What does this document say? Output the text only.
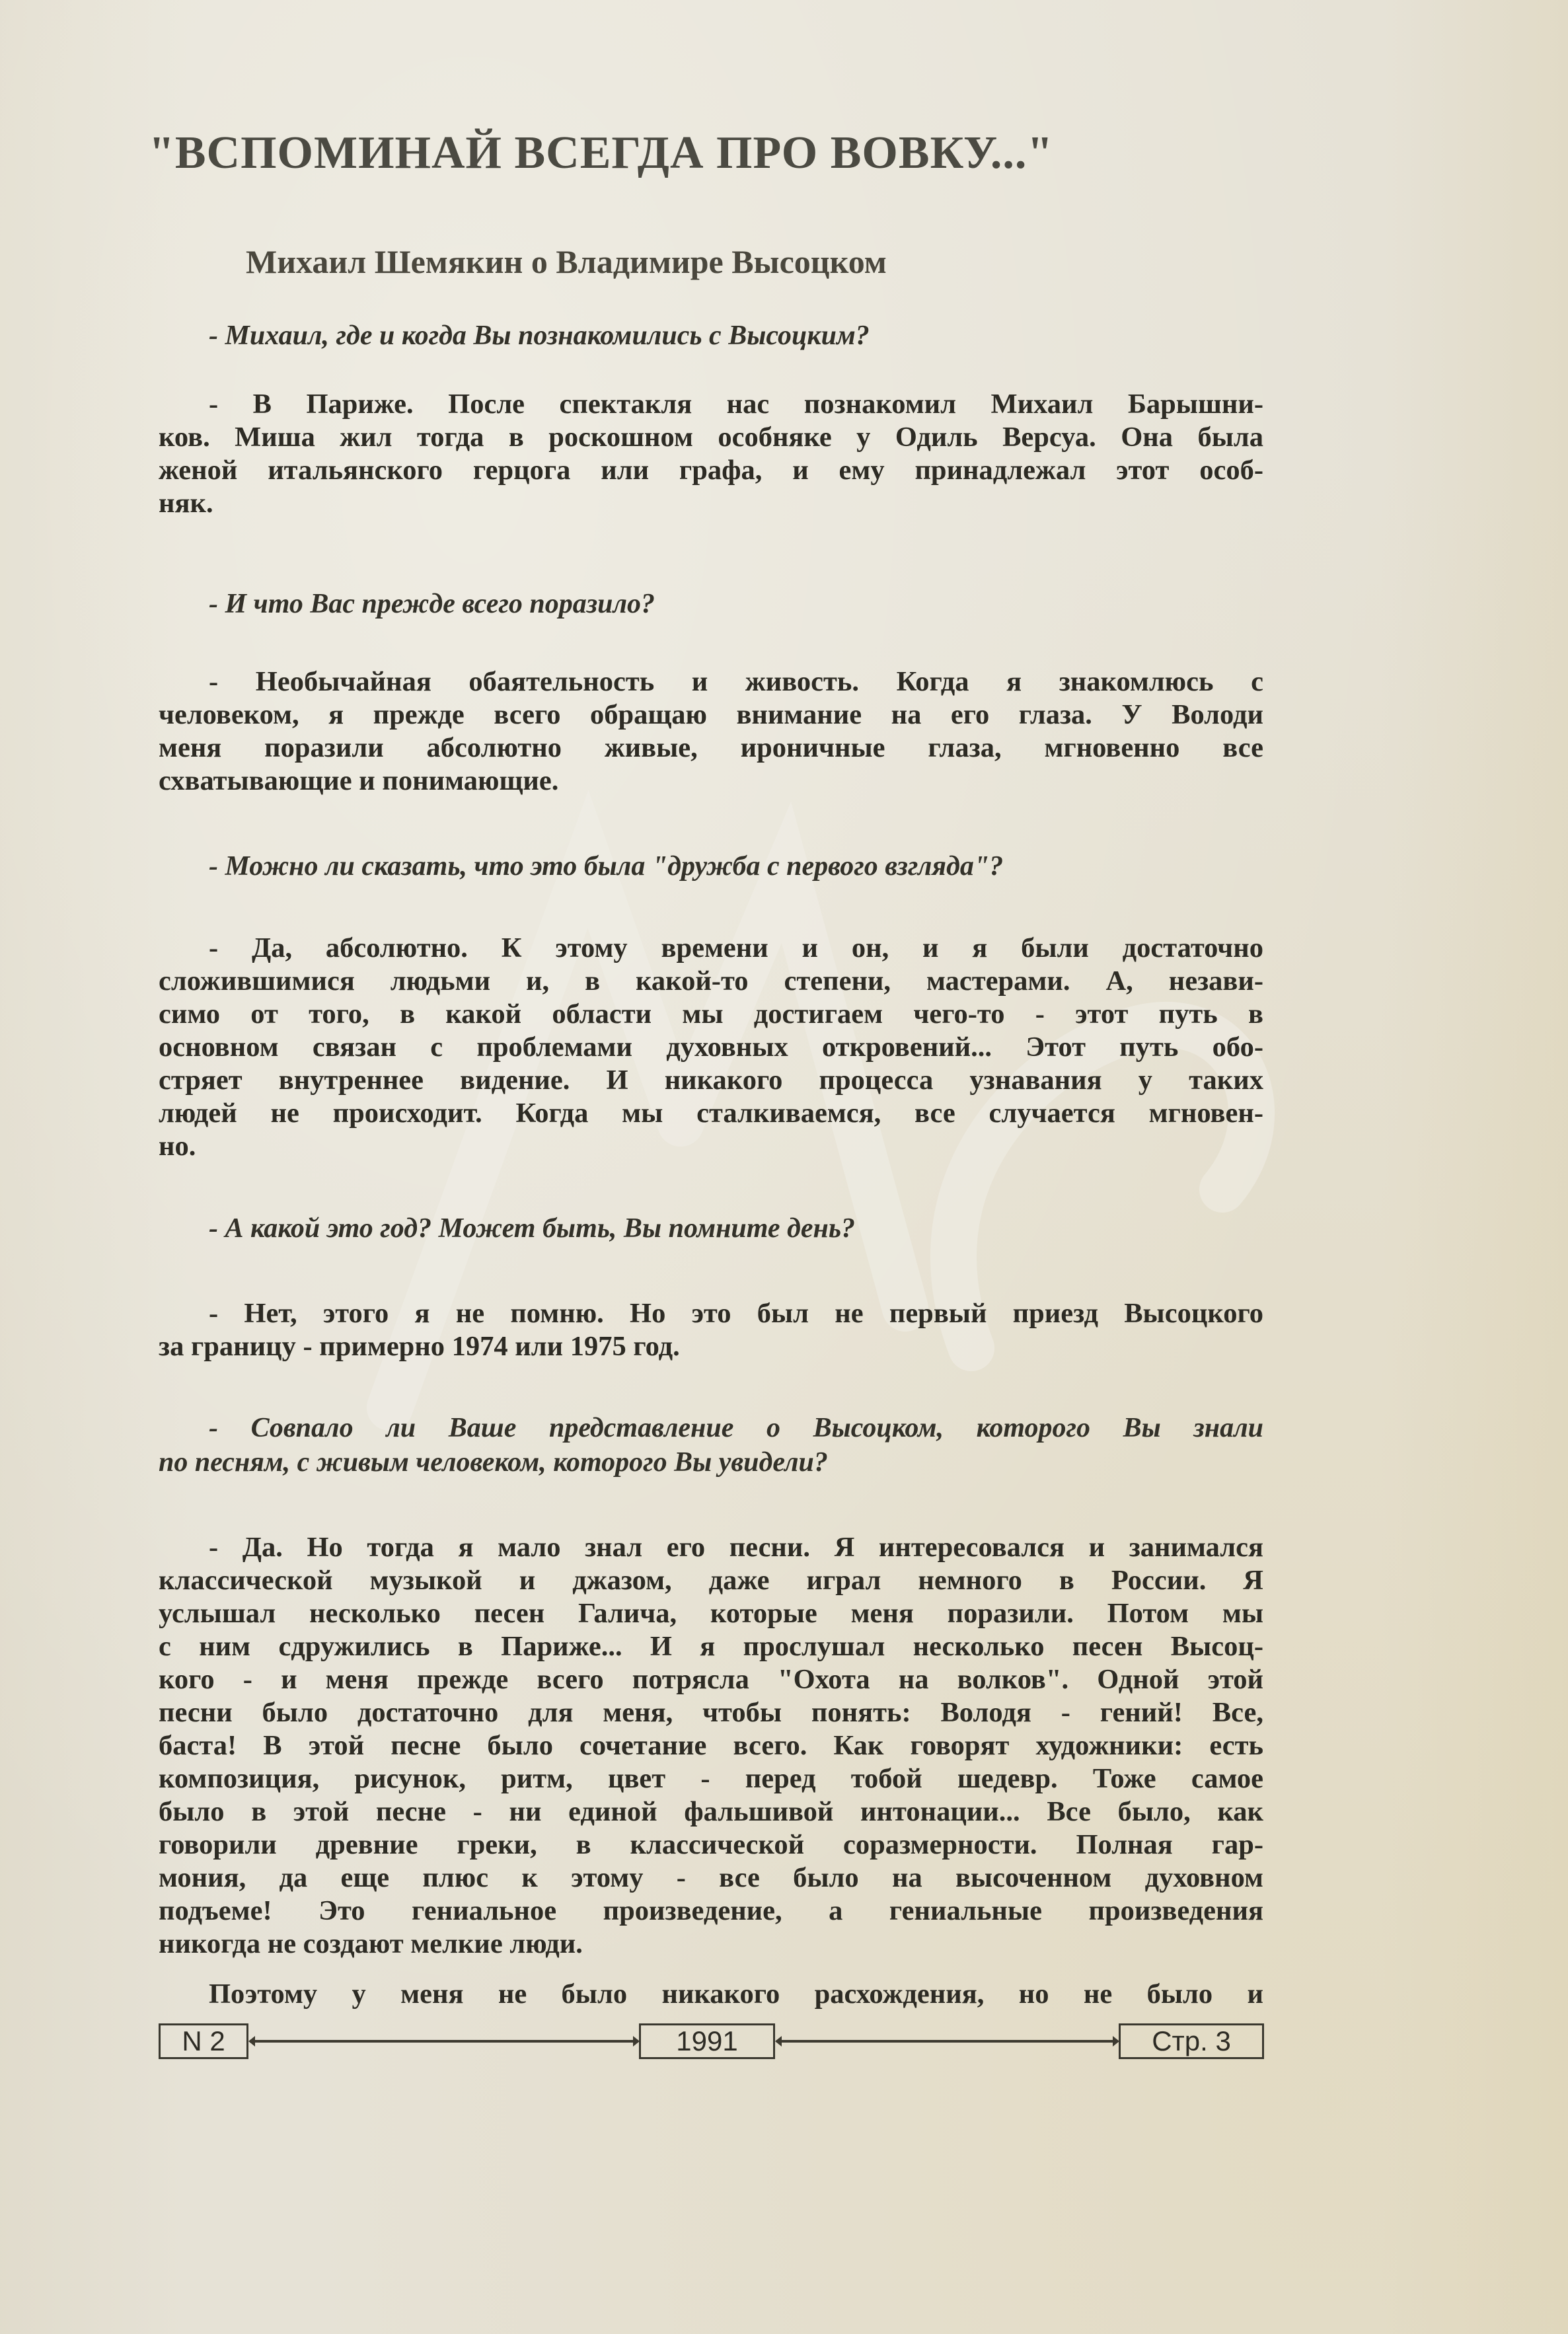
"ВСПОМИНАЙ ВСЕГДА ПРО ВОВКУ..."
Михаил Шемякин о Владимире Высоцком
- Михаил, где и когда Вы познакомились с Высоцким?
- В Париже. После спектакля нас познакомил Михаил Барышни-
ков. Миша жил тогда в роскошном особняке у Одиль Версуа. Она была
женой итальянского герцога или графа, и ему принадлежал этот особ-
няк.
- И что Вас прежде всего поразило?
- Необычайная обаятельность и живость. Когда я знакомлюсь с
человеком, я прежде всего обращаю внимание на его глаза. У Володи
меня поразили абсолютно живые, ироничные глаза, мгновенно все
схватывающие и понимающие.
- Можно ли сказать, что это была "дружба с первого взгляда"?
- Да, абсолютно. К этому времени и он, и я были достаточно
сложившимися людьми и, в какой-то степени, мастерами. А, незави-
симо от того, в какой области мы достигаем чего-то - этот путь в
основном связан с проблемами духовных откровений... Этот путь обо-
стряет внутреннее видение. И никакого процесса узнавания у таких
людей не происходит. Когда мы сталкиваемся, все случается мгновен-
но.
- А какой это год? Может быть, Вы помните день?
- Нет, этого я не помню. Но это был не первый приезд Высоцкого
за границу - примерно 1974 или 1975 год.
- Совпало ли Ваше представление о Высоцком, которого Вы знали
по песням, с живым человеком, которого Вы увидели?
- Да. Но тогда я мало знал его песни. Я интересовался и занимался
классической музыкой и джазом, даже играл немного в России. Я
услышал несколько песен Галича, которые меня поразили. Потом мы
с ним сдружились в Париже... И я прослушал несколько песен Высоц-
кого - и меня прежде всего потрясла "Охота на волков". Одной этой
песни было достаточно для меня, чтобы понять: Володя - гений! Все,
баста! В этой песне было сочетание всего. Как говорят художники: есть
композиция, рисунок, ритм, цвет - перед тобой шедевр. Тоже самое
было в этой песне - ни единой фальшивой интонации... Все было, как
говорили древние греки, в классической соразмерности. Полная гар-
мония, да еще плюс к этому - все было на высоченном духовном
подъеме! Это гениальное произведение, а гениальные произведения
никогда не создают мелкие люди.
Поэтому у меня не было никакого расхождения, но не было и
N 2	1991	Стр. 3
